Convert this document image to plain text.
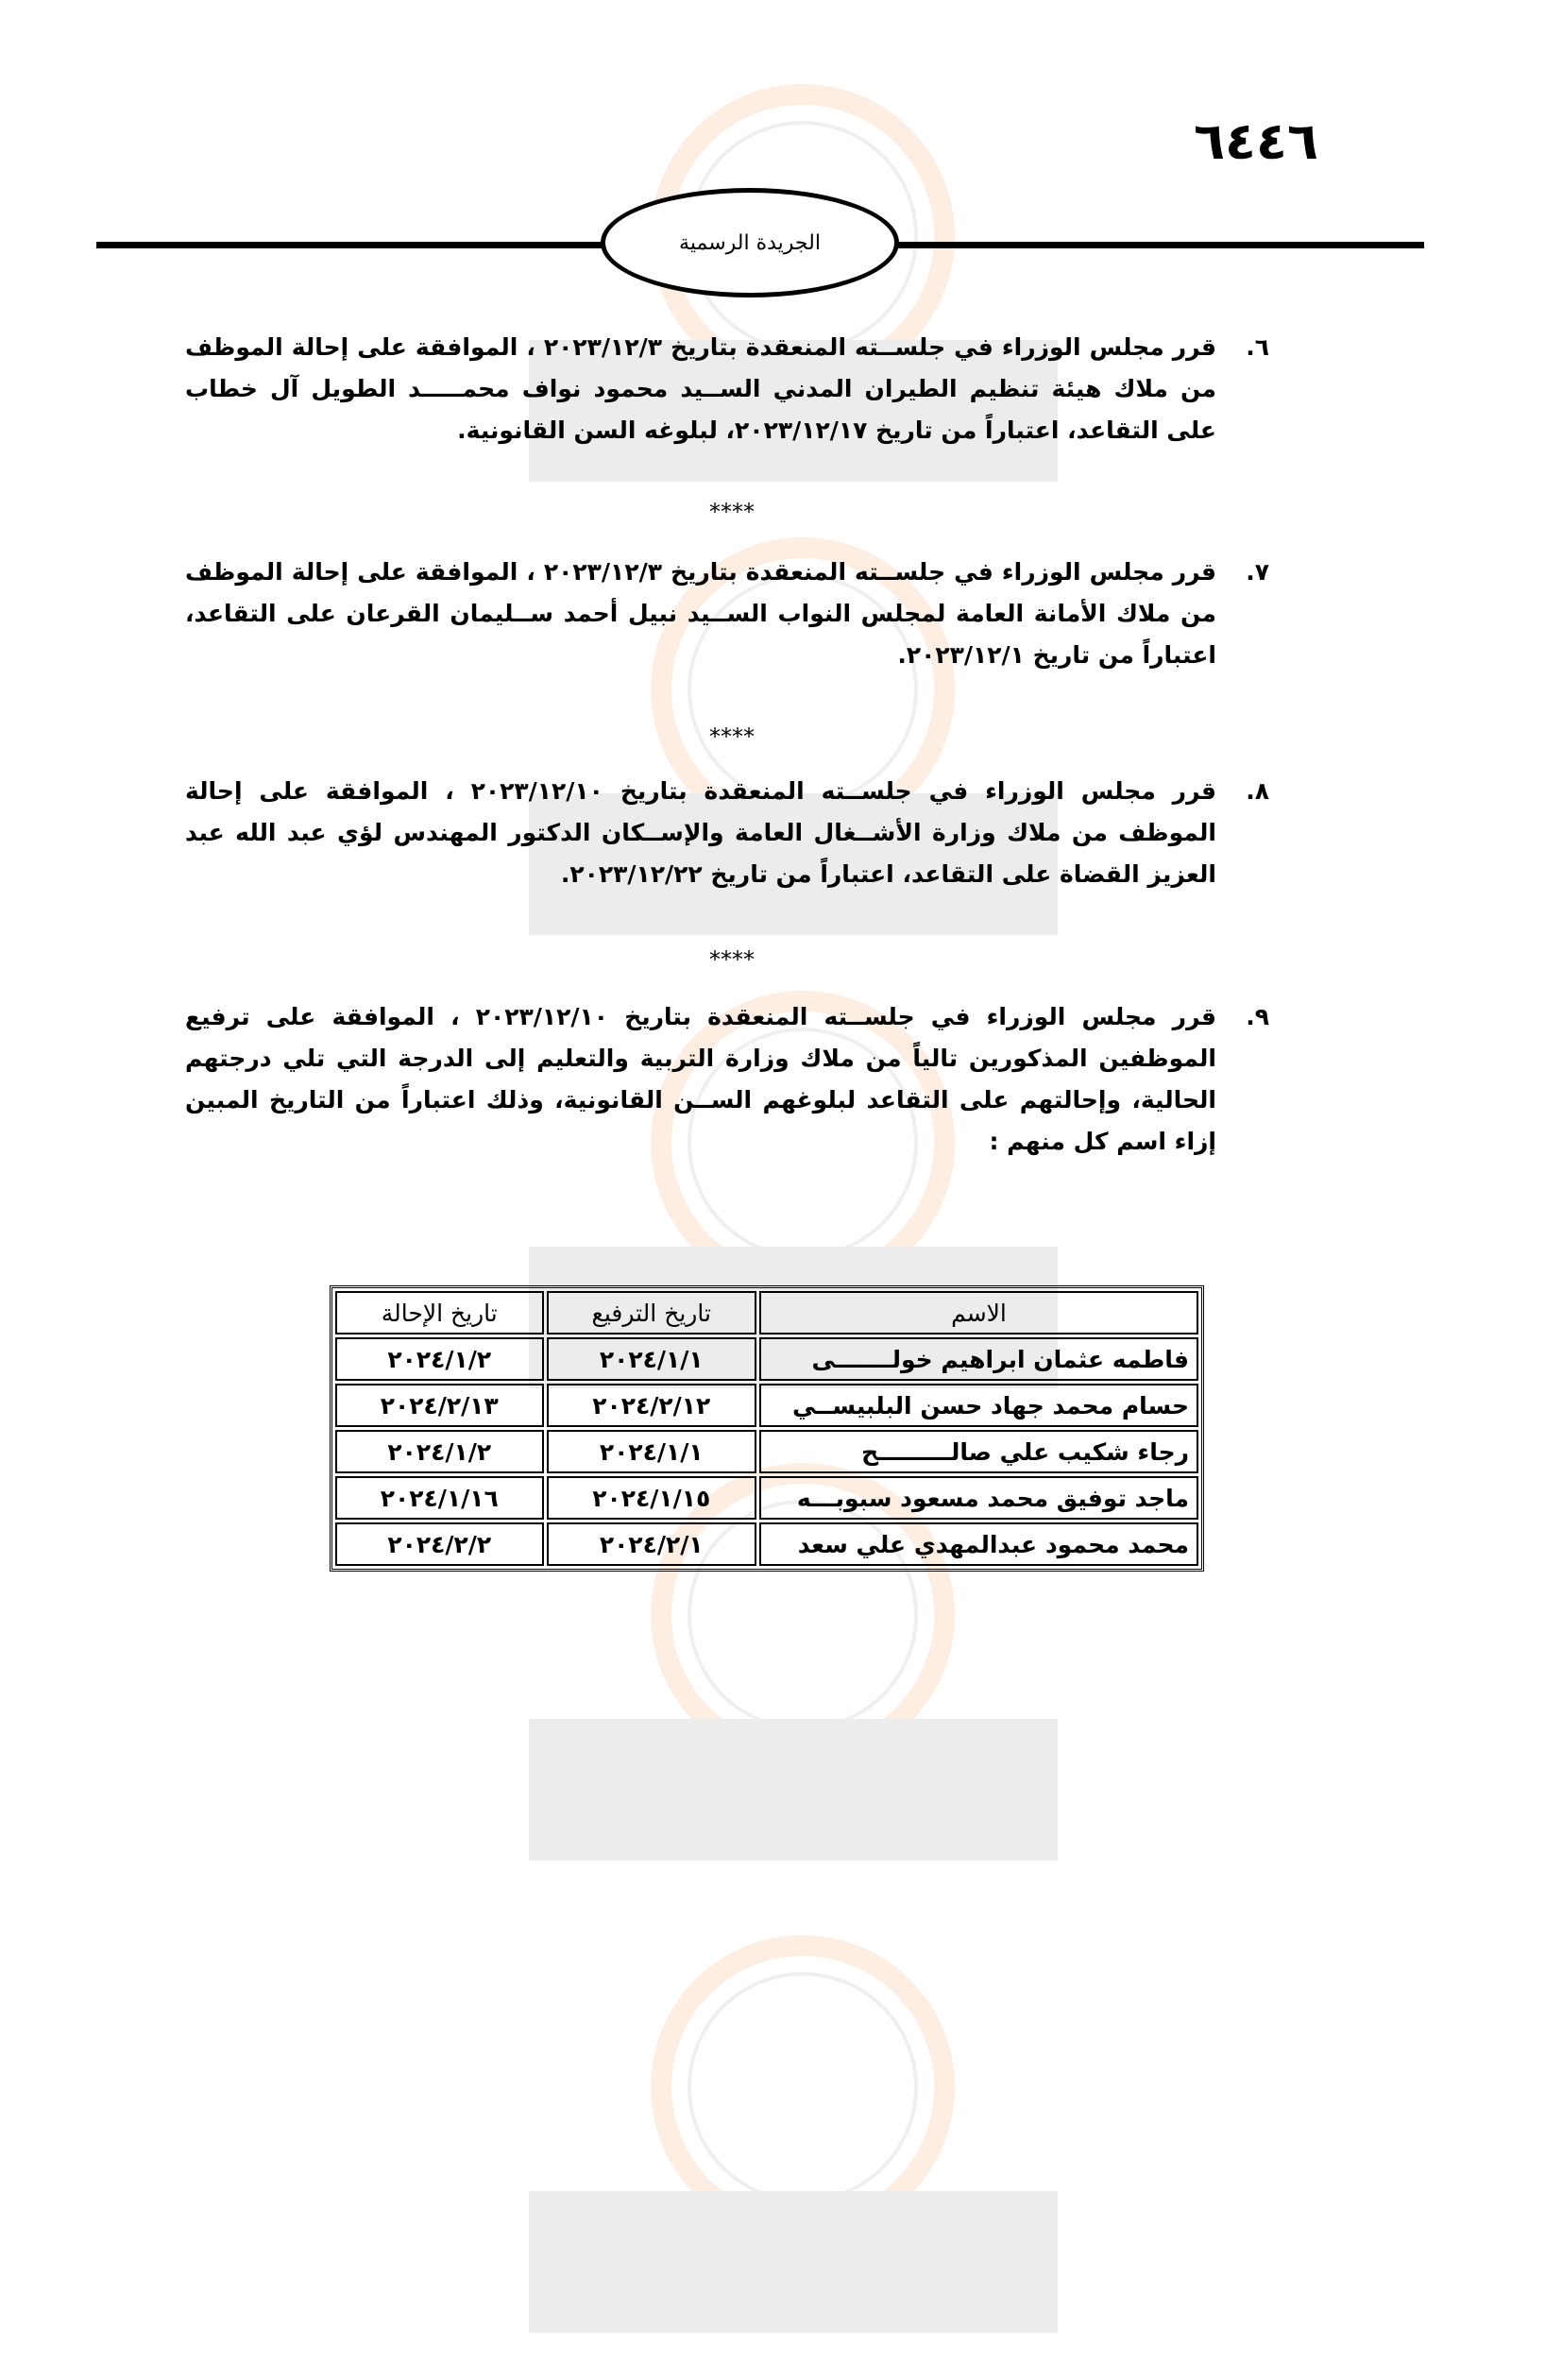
٦٤٤٦
الجريدة الرسمية
٦.
قرر مجلس الوزراء في جلســته المنعقدة بتاريخ ٢٠٢٣/١٢/٣ ، الموافقة على إحالة الموظف من ملاك هيئة تنظيم الطيران المدني الســيد محمود نواف محمـــــد الطويل آل خطاب على التقاعد، اعتباراً من تاريخ ٢٠٢٣/١٢/١٧، لبلوغه السن القانونية.
****
٧.
قرر مجلس الوزراء في جلســته المنعقدة بتاريخ ٢٠٢٣/١٢/٣ ، الموافقة على إحالة الموظف من ملاك الأمانة العامة لمجلس النواب الســيد نبيل أحمد ســليمان القرعان على التقاعد، اعتباراً من تاريخ ٢٠٢٣/١٢/١.
****
٨.
قرر مجلس الوزراء في جلســته المنعقدة بتاريخ ٢٠٢٣/١٢/١٠ ، الموافقة على إحالة الموظف من ملاك وزارة الأشــغال العامة والإســكان الدكتور المهندس لؤي عبد الله عبد العزيز القضاة على التقاعد، اعتباراً من تاريخ ٢٠٢٣/١٢/٢٢.
****
٩.
قرر مجلس الوزراء في جلســته المنعقدة بتاريخ ٢٠٢٣/١٢/١٠ ، الموافقة على ترفيع الموظفين المذكورين تالياً من ملاك وزارة التربية والتعليم إلى الدرجة التي تلي درجتهم الحالية، وإحالتهم على التقاعد لبلوغهم الســن القانونية، وذلك اعتباراً من التاريخ المبين إزاء اسم كل منهم :
الاسم	تاريخ الترفيع	تاريخ الإحالة
فاطمه عثمان ابراهيم خولـــــــى	٢٠٢٤/١/١	٢٠٢٤/١/٢
حسام محمد جهاد حسن البلبيســي	٢٠٢٤/٢/١٢	٢٠٢٤/٢/١٣
رجاء شكيب علي صالـــــــــح	٢٠٢٤/١/١	٢٠٢٤/١/٢
ماجد توفيق محمد مسعود سبوبـــه	٢٠٢٤/١/١٥	٢٠٢٤/١/١٦
محمد محمود عبدالمهدي علي سعد	٢٠٢٤/٢/١	٢٠٢٤/٢/٢
